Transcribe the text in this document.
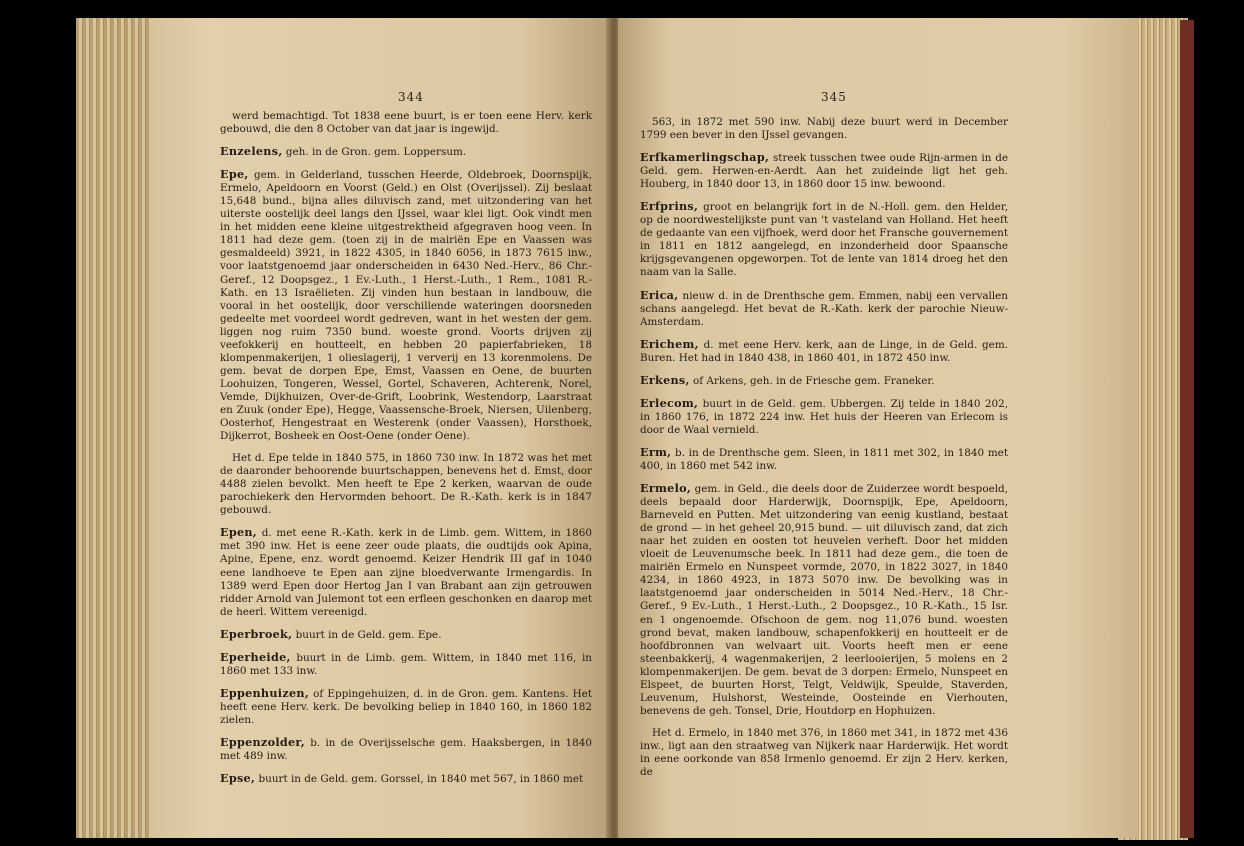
344

werd bemachtigd. Tot 1838 eene buurt, is er toen eene Herv. kerk gebouwd, die den 8 October van dat jaar is ingewijd.

Enzelens, geh. in de Gron. gem. Loppersum.

Epe, gem. in Gelderland, tusschen Heerde, Oldebroek, Doornspijk, Ermelo, Apeldoorn en Voorst (Geld.) en Olst (Overijssel). Zij beslaat 15,648 bund., bijna alles diluvisch zand, met uitzondering van het uiterste oostelijk deel langs den IJssel, waar klei ligt. Ook vindt men in het midden eene kleine uitgestrektheid afgegraven hoog veen. In 1811 had deze gem. (toen zij in de mairiën Epe en Vaassen was gesmaldeeld) 3921, in 1822 4305, in 1840 6056, in 1873 7615 inw., voor laatstgenoemd jaar onderscheiden in 6430 Ned.-Herv., 86 Chr.-Geref., 12 Doopsgez., 1 Ev.-Luth., 1 Herst.-Luth., 1 Rem., 1081 R.-Kath. en 13 Israëlieten. Zij vinden hun bestaan in landbouw, die vooral in het oostelijk, door verschillende wateringen doorsneden gedeelte met voordeel wordt gedreven, want in het westen der gem. liggen nog ruim 7350 bund. woeste grond. Voorts drijven zij veefokkerij en houtteelt, en hebben 20 papierfabrieken, 18 klompenmakerijen, 1 olieslagerij, 1 ververij en 13 korenmolens. De gem. bevat de dorpen Epe, Emst, Vaassen en Oene, de buurten Loohuizen, Tongeren, Wessel, Gortel, Schaveren, Achterenk, Norel, Vemde, Dijkhuizen, Over-de-Grift, Loobrink, Westendorp, Laarstraat en Zuuk (onder Epe), Hegge, Vaassensche-Broek, Niersen, Uilenberg, Oosterhof, Hengestraat en Westerenk (onder Vaassen), Horsthoek, Dijkerrot, Bosheek en Oost-Oene (onder Oene).

Het d. Epe telde in 1840 575, in 1860 730 inw. In 1872 was het met de daaronder behoorende buurtschappen, benevens het d. Emst, door 4488 zielen bevolkt. Men heeft te Epe 2 kerken, waarvan de oude parochiekerk den Hervormden behoort. De R.-Kath. kerk is in 1847 gebouwd.

Epen, d. met eene R.-Kath. kerk in de Limb. gem. Wittem, in 1860 met 390 inw. Het is eene zeer oude plaats, die oudtijds ook Apina, Apine, Epene, enz. wordt genoemd. Keizer Hendrik III gaf in 1040 eene landhoeve te Epen aan zijne bloedverwante Irmengardis. In 1389 werd Epen door Hertog Jan I van Brabant aan zijn getrouwen ridder Arnold van Julemont tot een erfleen geschonken en daarop met de heerl. Wittem vereenigd.

Eperbroek, buurt in de Geld. gem. Epe.

Eperheide, buurt in de Limb. gem. Wittem, in 1840 met 116, in 1860 met 133 inw.

Eppenhuizen, of Eppingehuizen, d. in de Gron. gem. Kantens. Het heeft eene Herv. kerk. De bevolking beliep in 1840 160, in 1860 182 zielen.

Eppenzolder, b. in de Overijsselsche gem. Haaksbergen, in 1840 met 489 inw.

Epse, buurt in de Geld. gem. Gorssel, in 1840 met 567, in 1860 met

345

563, in 1872 met 590 inw. Nabij deze buurt werd in December 1799 een bever in den IJssel gevangen.

Erfkamerlingschap, streek tusschen twee oude Rijn-armen in de Geld. gem. Herwen-en-Aerdt. Aan het zuideinde ligt het geh. Houberg, in 1840 door 13, in 1860 door 15 inw. bewoond.

Erfprins, groot en belangrijk fort in de N.-Holl. gem. den Helder, op de noordwestelijkste punt van 't vasteland van Holland. Het heeft de gedaante van een vijfhoek, werd door het Fransche gouvernement in 1811 en 1812 aangelegd, en inzonderheid door Spaansche krijgsgevangenen opgeworpen. Tot de lente van 1814 droeg het den naam van la Salle.

Erica, nieuw d. in de Drenthsche gem. Emmen, nabij een vervallen schans aangelegd. Het bevat de R.-Kath. kerk der parochie Nieuw-Amsterdam.

Erichem, d. met eene Herv. kerk, aan de Linge, in de Geld. gem. Buren. Het had in 1840 438, in 1860 401, in 1872 450 inw.

Erkens, of Arkens, geh. in de Friesche gem. Franeker.

Erlecom, buurt in de Geld. gem. Ubbergen. Zij telde in 1840 202, in 1860 176, in 1872 224 inw. Het huis der Heeren van Erlecom is door de Waal vernield.

Erm, b. in de Drenthsche gem. Sleen, in 1811 met 302, in 1840 met 400, in 1860 met 542 inw.

Ermelo, gem. in Geld., die deels door de Zuiderzee wordt bespoeld, deels bepaald door Harderwijk, Doornspijk, Epe, Apeldoorn, Barneveld en Putten. Met uitzondering van eenig kustland, bestaat de grond — in het geheel 20,915 bund. — uit diluvisch zand, dat zich naar het zuiden en oosten tot heuvelen verheft. Door het midden vloeit de Leuvenumsche beek. In 1811 had deze gem., die toen de mairiën Ermelo en Nunspeet vormde, 2070, in 1822 3027, in 1840 4234, in 1860 4923, in 1873 5070 inw. De bevolking was in laatstgenoemd jaar onderscheiden in 5014 Ned.-Herv., 18 Chr.-Geref., 9 Ev.-Luth., 1 Herst.-Luth., 2 Doopsgez., 10 R.-Kath., 15 Isr. en 1 ongenoemde. Ofschoon de gem. nog 11,076 bund. woesten grond bevat, maken landbouw, schapenfokkerij en houtteelt er de hoofdbronnen van welvaart uit. Voorts heeft men er eene steenbakkerij, 4 wagenmakerijen, 2 leerlooierijen, 5 molens en 2 klompenmakerijen. De gem. bevat de 3 dorpen: Ermelo, Nunspeet en Elspeet, de buurten Horst, Telgt, Veldwijk, Speulde, Staverden, Leuvenum, Hulshorst, Westeinde, Oosteinde en Vierhouten, benevens de geh. Tonsel, Drie, Houtdorp en Hophuizen.

Het d. Ermelo, in 1840 met 376, in 1860 met 341, in 1872 met 436 inw., ligt aan den straatweg van Nijkerk naar Harderwijk. Het wordt in eene oorkonde van 858 Irmenlo genoemd. Er zijn 2 Herv. kerken, de
